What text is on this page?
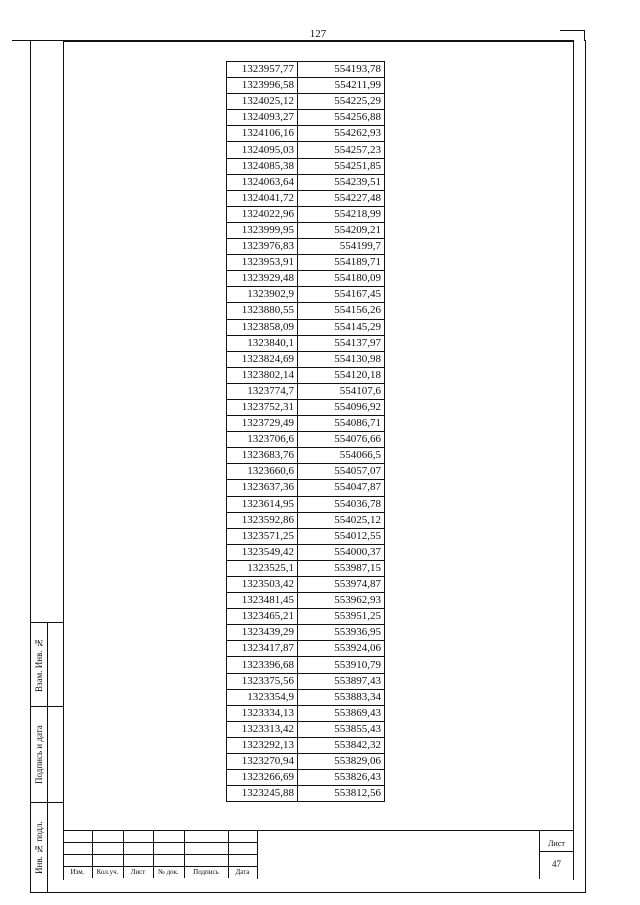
127
Взам. Инв. №
Подпись и дата
Инв. № подл.
1323957,77	554193,78
1323996,58	554211,99
1324025,12	554225,29
1324093,27	554256,88
1324106,16	554262,93
1324095,03	554257,23
1324085,38	554251,85
1324063,64	554239,51
1324041,72	554227,48
1324022,96	554218,99
1323999,95	554209,21
1323976,83	554199,7
1323953,91	554189,71
1323929,48	554180,09
1323902,9	554167,45
1323880,55	554156,26
1323858,09	554145,29
1323840,1	554137,97
1323824,69	554130,98
1323802,14	554120,18
1323774,7	554107,6
1323752,31	554096,92
1323729,49	554086,71
1323706,6	554076,66
1323683,76	554066,5
1323660,6	554057,07
1323637,36	554047,87
1323614,95	554036,78
1323592,86	554025,12
1323571,25	554012,55
1323549,42	554000,37
1323525,1	553987,15
1323503,42	553974,87
1323481,45	553962,93
1323465,21	553951,25
1323439,29	553936,95
1323417,87	553924,06
1323396,68	553910,79
1323375,56	553897,43
1323354,9	553883,34
1323334,13	553869,43
1323313,42	553855,43
1323292,13	553842,32
1323270,94	553829,06
1323266,69	553826,43
1323245,88	553812,56
Изм.	Кол.уч.	Лист	№ док.	Подпись	Дата
Лист
47
